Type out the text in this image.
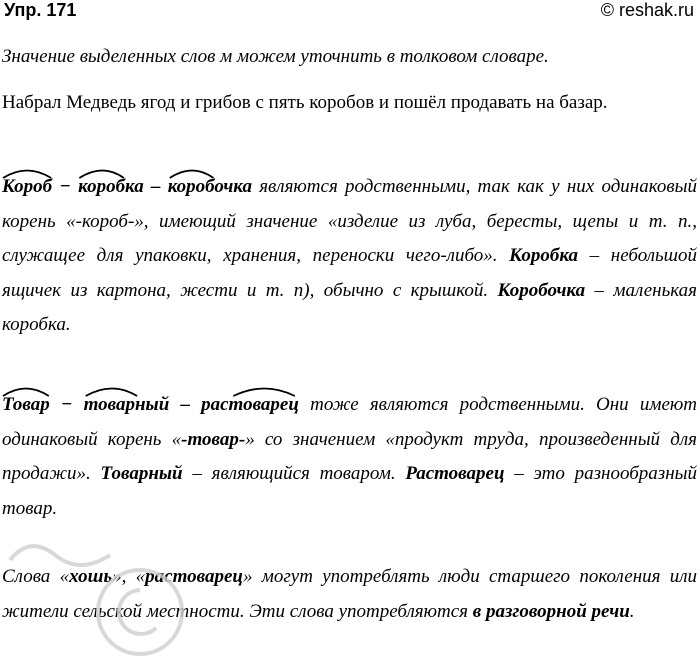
Упр. 171	© reshak.ru

Значение выделенных слов м можем уточнить в толковом словаре.

Набрал Медведь ягод и грибов с пять коробов и пошёл продавать на базар.

Короб −
коробка –
коробочка являются родственными, так как у них одинаковый корень «-короб-», имеющий значение «изделие из луба, бересты, щепы и т. п., служащее для упаковки, хранения, переноски чего-либо». Коробка – небольшой ящичек из картона, жести и т. п), обычно с крышкой. Коробочка – маленькая коробка.

Товар −
товарный –
растоварец тоже являются родственными. Они имеют одинаковый корень «-товар-» со значением «продукт труда, произведенный для продажи». Товарный – являющийся товаром. Растоварец – это разнообразный товар.

Слова «хошь», «растоварец» могут употреблять люди старшего поколения или жители сельской местности. Эти слова употребляются в разговорной речи.
